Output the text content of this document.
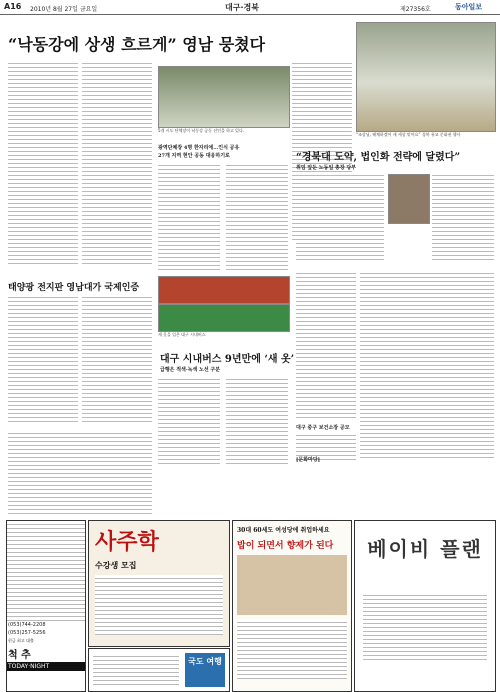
A16 2010년 8월 27일 금요일	대구·경북	제27356호	동아일보
“낙동강에 상생 흐르게” 영남 뭉쳤다
5개 시도 단체장이 낙동강 공동 선언을 하고 있다.
광역단체장 4명 한자리에…인식 공유
27개 지역 현안 공동 대응하기로
“조상님, 해체하겠어 새 세상 맞아요” 경북 유교 문화권 행사
“경북대 도약, 법인화 전략에 달렸다”
취임 앞둔 노동일 총장 당부
태양광 전지판 영남대가 국제인증
새 옷을 입은 대구 시내버스
대구 시내버스 9년만에 ‘새 옷’
급행은 적색·녹색 노선 구분
대구 중구 보건소장 공모
[문화마당]
(053)744-2208
(053)257-5256
현금 최고 대출
척 추
TODAY·NIGHT
사주학
수강생 모집
국도 여행
30대 60세도 여성당에 취업하세요
밥이 되면서 향제가 된다	베이비 플랜
